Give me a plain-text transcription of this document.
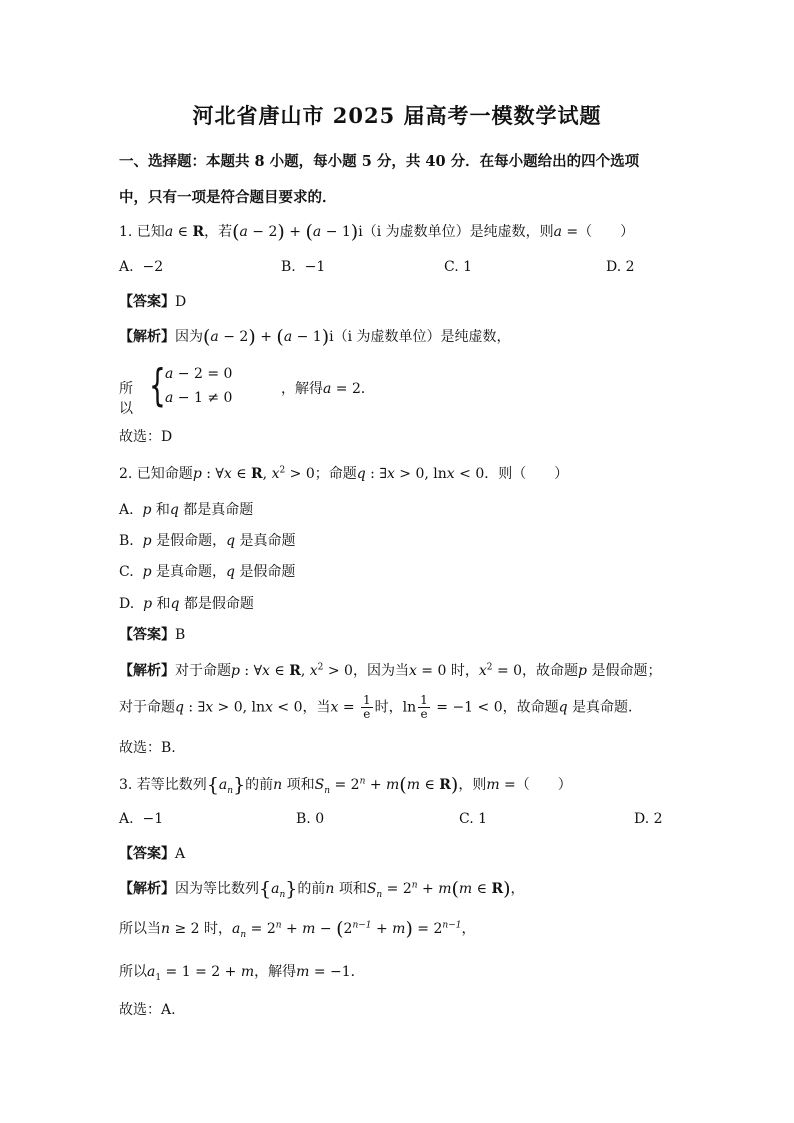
河北省唐山市 2025 届高考一模数学试题
一、选择题：本题共 8 小题，每小题 5 分，共 40 分．在每小题给出的四个选项
中，只有一项是符合题目要求的．
1. 已知a ∈ R，若(a − 2) + (a − 1)i（i 为虚数单位）是纯虚数，则a =（　　）
A. −2	B. −1	C. 1	D. 2
【答案】D
【解析】因为(a − 2) + (a − 1)i（i 为虚数单位）是纯虚数，
所以 { a − 2 = 0
a − 1 ≠ 0
，解得a = 2．
故选：D
2. 已知命题p : ∀x ∈ R, $x^2 > 0$；命题q : ∃x > 0, lnx < 0．则（　　）
A. p 和q 都是真命题
B. p 是假命题，q 是真命题
C. p 是真命题，q 是假命题
D. p 和q 都是假命题
【答案】B
【解析】对于命题p : ∀x ∈ R, $x^2 > 0$，因为当x = 0 时，$x^2 = 0$，故命题p 是假命题；
对于命题q : ∃x > 0, lnx < 0，当$x = \frac{1}{e}$ 时，$\ln \frac{1}{e} = -1 < 0$，故命题q 是真命题．
故选：B.
3. 若等比数列$\{a_n\}$的前n 项和$S_n = 2^n + m(m$ ∈ R)，则m =（　　）
A. −1	B. 0	C. 1	D. 2
【答案】A
【解析】因为等比数列$\{a_n\}$的前n 项和$S_n = 2^n + m(m$ ∈ R)，
所以当n ≥ 2 时，$a_n = 2^n + m - (2^{n-1} + m) = 2^{n-1}$，
所以$a_1 = 1 = 2 + m$，解得m = −1．
故选：A.
